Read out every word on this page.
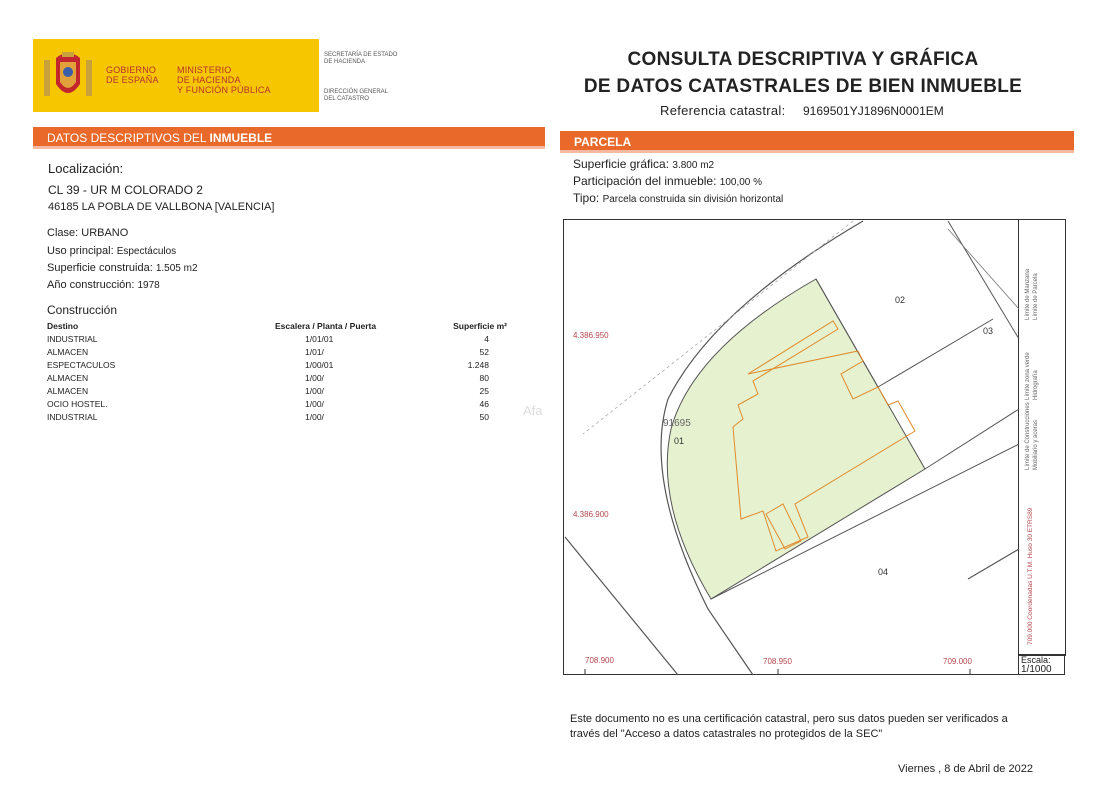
GOBIERNO
DE ESPAÑA
MINISTERIO
DE HACIENDA
Y FUNCIÓN PÚBLICA
SECRETARÍA DE ESTADO
DE HACIENDA
DIRECCIÓN GENERAL
DEL CATASTRO
CONSULTA DESCRIPTIVA Y GRÁFICA
DE DATOS CATASTRALES DE BIEN INMUEBLE
Referencia catastral: 9169501YJ1896N0001EM
DATOS DESCRIPTIVOS DEL INMUEBLE	PARCELA
Localización:
CL 39 - UR M COLORADO 2
46185 LA POBLA DE VALLBONA [VALENCIA]
Clase: URBANO
Uso principal: Espectáculos
Superficie construida: 1.505 m2
Año construcción: 1978
Construcción
Destino	Escalera / Planta / Puerta	Superficie m²
INDUSTRIAL	1/01/01	4
ALMACEN	1/01/	52
ESPECTACULOS	1/00/01	1.248
ALMACEN	1/00/	80
ALMACEN	1/00/	25
OCIO HOSTEL.	1/00/	46
INDUSTRIAL	1/00/	50
Superficie gráfica: 3.800 m2
Participación del inmueble: 100,00 %
Tipo: Parcela construida sin división horizontal
4.386.950
4.386.900
708.900	708.950	709.000
91695
01
02
03
04
Afa
Límite de Manzana Límite de Parcela
Límite de Construcciones Mobiliario y aceras
Límite zona verde Hidrografía
709.000 Coordenadas U.T.M. Huso 30 ETRS89
Escala:
1/1000
Este documento no es una certificación catastral, pero sus datos pueden ser verificados a
través del "Acceso a datos catastrales no protegidos de la SEC"
Viernes , 8 de Abril de 2022
